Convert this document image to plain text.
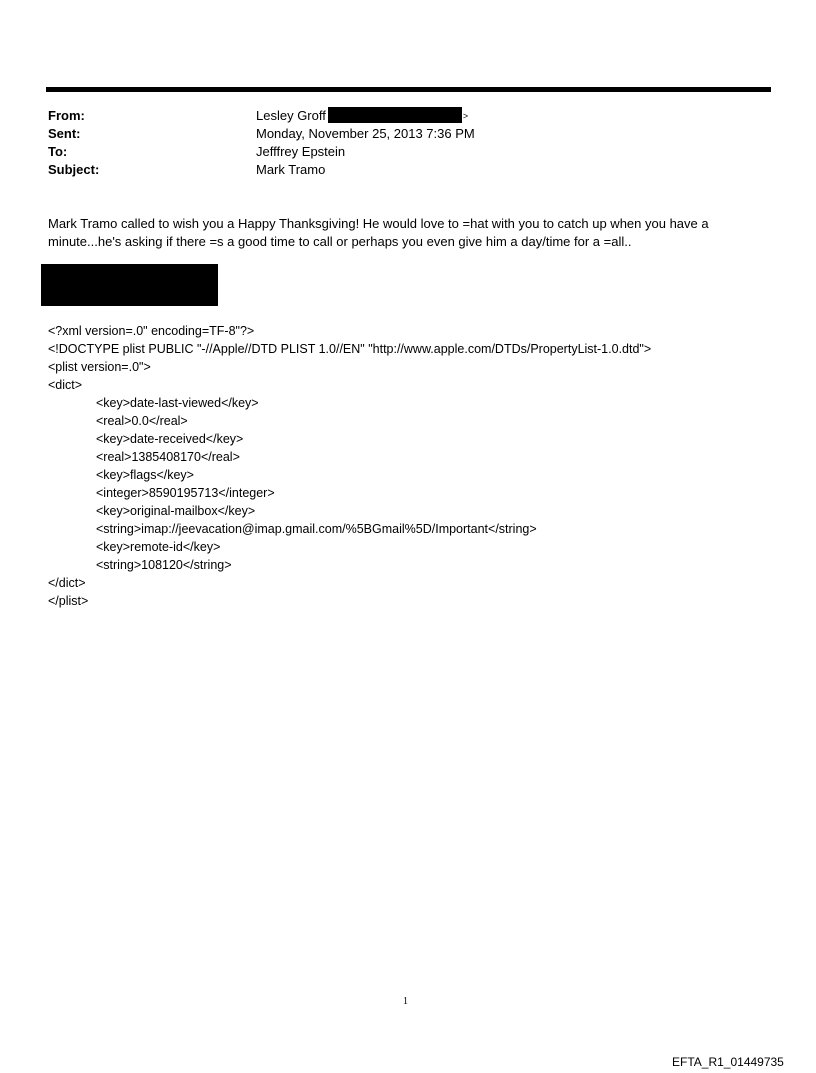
From:	Lesley Groff	>
Sent:	Monday, November 25, 2013 7:36 PM
To:	Jefffrey Epstein
Subject:	Mark Tramo

Mark Tramo called to wish you a Happy Thanksgiving! He would love to =hat with you to catch up when you have a

minute...he's asking if there =s a good time to call or perhaps you even give him a day/time for a =all..

<?xml version=.0" encoding=TF-8"?>
<!DOCTYPE plist PUBLIC "-//Apple//DTD PLIST 1.0//EN" "http://www.apple.com/DTDs/PropertyList-1.0.dtd">
<plist version=.0">
<dict>
<key>date-last-viewed</key>
<real>0.0</real>
<key>date-received</key>
<real>1385408170</real>
<key>flags</key>
<integer>8590195713</integer>
<key>original-mailbox</key>
<string>imap://jeevacation@imap.gmail.com/%5BGmail%5D/Important</string>
<key>remote-id</key>
<string>108120</string>
</dict>
</plist>
1
EFTA_R1_01449735
